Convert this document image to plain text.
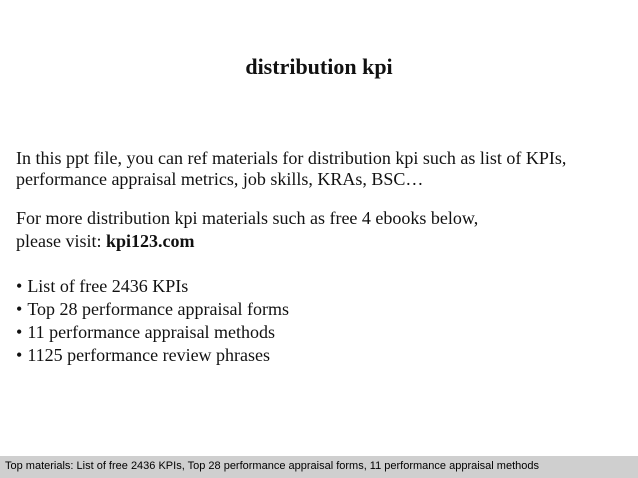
distribution kpi
In this ppt file, you can ref materials for distribution kpi such as list of KPIs,
performance appraisal metrics, job skills, KRAs, BSC…
For more distribution kpi materials such as free 4 ebooks below,
please visit: kpi123.com
• List of free 2436 KPIs
• Top 28 performance appraisal forms
• 11 performance appraisal methods
• 1125 performance review phrases
Top materials: List of free 2436 KPIs, Top 28 performance appraisal forms, 11 performance appraisal methods
